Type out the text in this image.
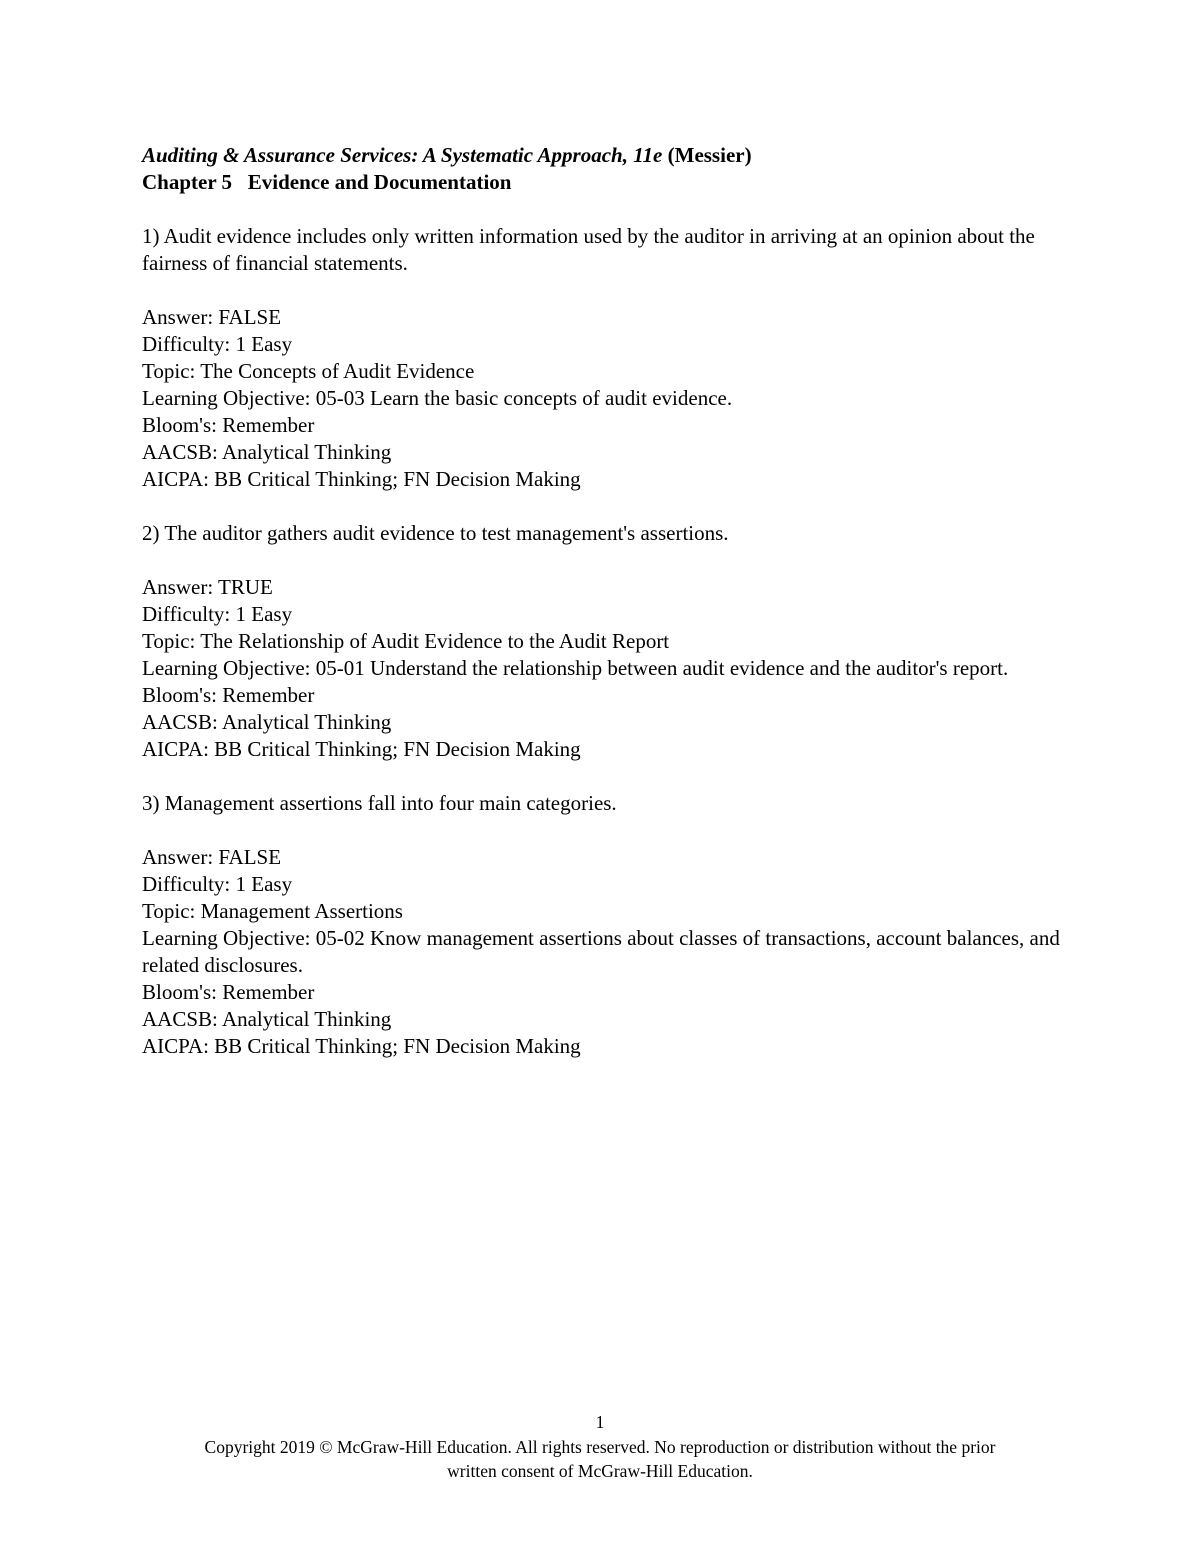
Auditing & Assurance Services: A Systematic Approach, 11e (Messier)
Chapter 5   Evidence and Documentation
1) Audit evidence includes only written information used by the auditor in arriving at an opinion about the fairness of financial statements.
Answer: FALSE
Difficulty: 1 Easy
Topic: The Concepts of Audit Evidence
Learning Objective: 05-03 Learn the basic concepts of audit evidence.
Bloom's: Remember
AACSB: Analytical Thinking
AICPA: BB Critical Thinking; FN Decision Making
2) The auditor gathers audit evidence to test management's assertions.
Answer: TRUE
Difficulty: 1 Easy
Topic: The Relationship of Audit Evidence to the Audit Report
Learning Objective: 05-01 Understand the relationship between audit evidence and the auditor's report.
Bloom's: Remember
AACSB: Analytical Thinking
AICPA: BB Critical Thinking; FN Decision Making
3) Management assertions fall into four main categories.
Answer: FALSE
Difficulty: 1 Easy
Topic: Management Assertions
Learning Objective: 05-02 Know management assertions about classes of transactions, account balances, and related disclosures.
Bloom's: Remember
AACSB: Analytical Thinking
AICPA: BB Critical Thinking; FN Decision Making
1
Copyright 2019 © McGraw-Hill Education. All rights reserved. No reproduction or distribution without the prior
written consent of McGraw-Hill Education.
